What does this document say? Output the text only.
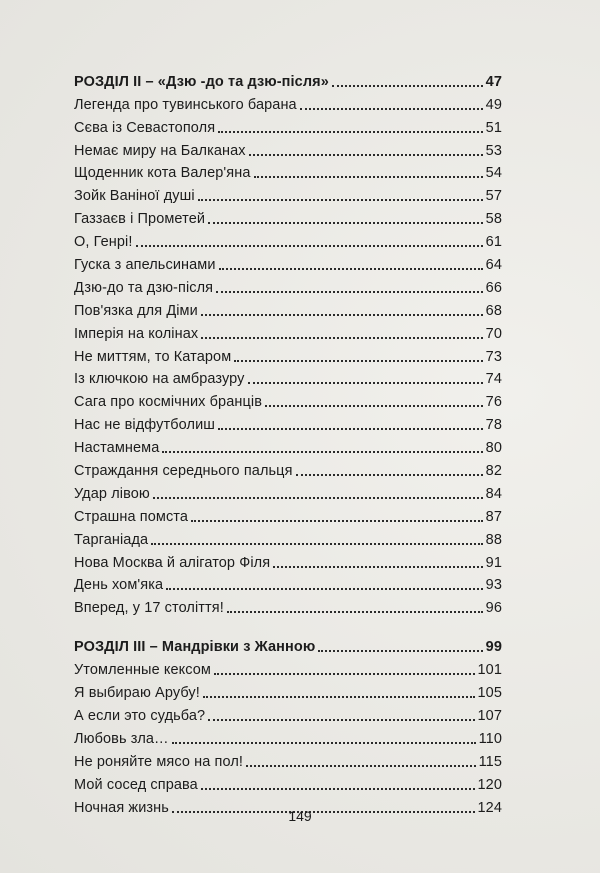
РОЗДІЛ ІІ – «Дзю -до та дзю-після»	47
Легенда про тувинського барана	49
Сєва із Севастополя	51
Немає миру на Балканах	53
Щоденник кота Валер'яна	54
Зойк Ваніної душі	57
Газзаєв і Прометей	58
О, Генрі!	61
Гуска з апельсинами	64
Дзю-до та дзю-після	66
Пов'язка для Діми	68
Імперія на колінах	70
Не миттям, то Катаром	73
Із ключкою на амбразуру	74
Сага про космічних бранців	76
Нас не відфутболиш	78
Настамнема	80
Страждання середнього пальця	82
Удар лівою	84
Страшна помста	87
Тарганіада	88
Нова Москва й алігатор Філя	91
День хом'яка	93
Вперед, у 17 століття!	96
РОЗДІЛ ІІІ – Мандрівки з Жанною	99
Утомленные кексом	101
Я выбираю Арубу!	105
А если это судьба?	107
Любовь зла…	110
Не роняйте мясо на пол!	115
Мой сосед справа	120
Ночная жизнь	124
149
